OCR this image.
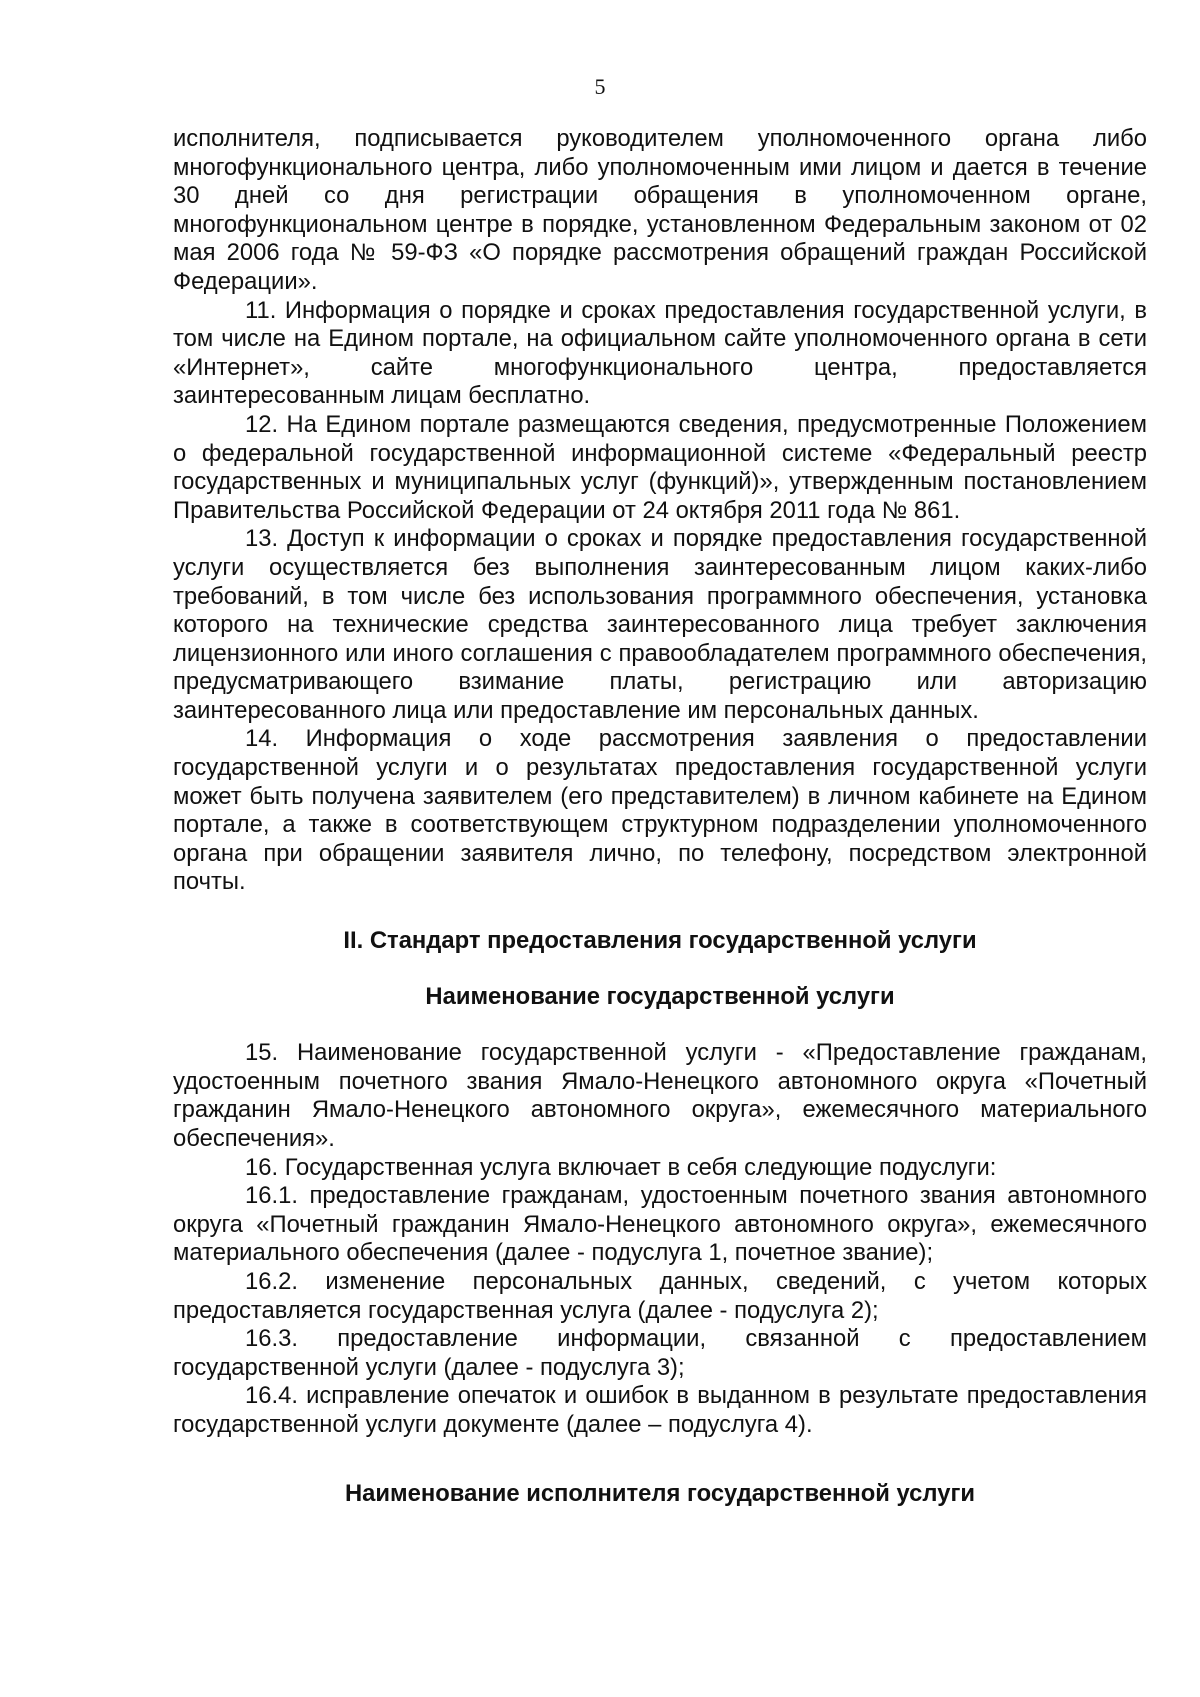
5

исполнителя, подписывается руководителем уполномоченного органа либо многофункционального центра, либо уполномоченным ими лицом и дается в течение 30 дней со дня регистрации обращения в уполномоченном органе, многофункциональном центре в порядке, установленном Федеральным законом от 02 мая 2006 года № 59-ФЗ «О порядке рассмотрения обращений граждан Российской Федерации».

11. Информация о порядке и сроках предоставления государственной услуги, в том числе на Едином портале, на официальном сайте уполномоченного органа в сети «Интернет», сайте многофункционального центра, предоставляется заинтересованным лицам бесплатно.

12. На Едином портале размещаются сведения, предусмотренные Положением о федеральной государственной информационной системе «Федеральный реестр государственных и муниципальных услуг (функций)», утвержденным постановлением Правительства Российской Федерации от 24 октября 2011 года № 861.

13. Доступ к информации о сроках и порядке предоставления государственной услуги осуществляется без выполнения заинтересованным лицом каких-либо требований, в том числе без использования программного обеспечения, установка которого на технические средства заинтересованного лица требует заключения лицензионного или иного соглашения с правообладателем программного обеспечения, предусматривающего взимание платы, регистрацию или авторизацию заинтересованного лица или предоставление им персональных данных.

14. Информация о ходе рассмотрения заявления о предоставлении государственной услуги и о результатах предоставления государственной услуги может быть получена заявителем (его представителем) в личном кабинете на Едином портале, а также в соответствующем структурном подразделении уполномоченного органа при обращении заявителя лично, по телефону, посредством электронной почты.

II. Стандарт предоставления государственной услуги
Наименование государственной услуги

15. Наименование государственной услуги - «Предоставление гражданам, удостоенным почетного звания Ямало-Ненецкого автономного округа «Почетный гражданин Ямало-Ненецкого автономного округа», ежемесячного материального обеспечения».

16. Государственная услуга включает в себя следующие подуслуги:

16.1. предоставление гражданам, удостоенным почетного звания автономного округа «Почетный гражданин Ямало-Ненецкого автономного округа», ежемесячного материального обеспечения (далее - подуслуга 1, почетное звание);

16.2. изменение персональных данных, сведений, с учетом которых предоставляется государственная услуга (далее - подуслуга 2);

16.3. предоставление информации, связанной с предоставлением государственной услуги (далее - подуслуга 3);

16.4. исправление опечаток и ошибок в выданном в результате предоставления государственной услуги документе (далее – подуслуга 4).

Наименование исполнителя государственной услуги
